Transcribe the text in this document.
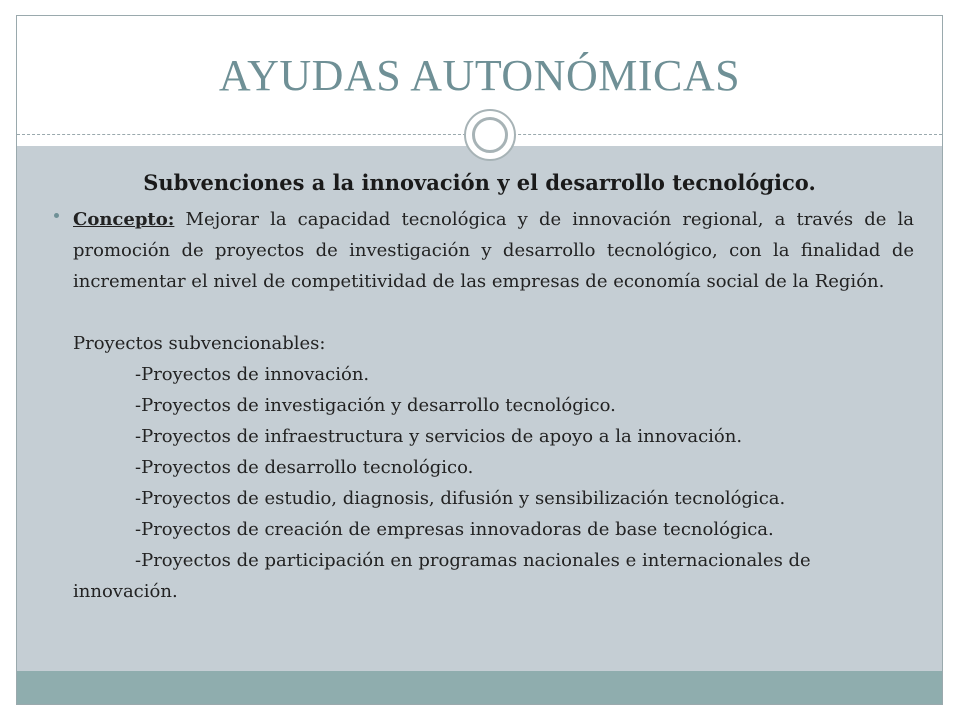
AYUDAS AUTONÓMICAS
Subvenciones a la innovación y el desarrollo tecnológico.

Concepto: Mejorar la capacidad tecnológica y de innovación regional, a través de la promoción de proyectos de investigación y desarrollo tecnológico, con la finalidad de incrementar el nivel de competitividad de las empresas de economía social de la Región.

Proyectos subvencionables:

-Proyectos de innovación.
-Proyectos de investigación y desarrollo tecnológico.
-Proyectos de infraestructura y servicios de apoyo a la innovación.
-Proyectos de desarrollo tecnológico.
-Proyectos de estudio, diagnosis, difusión y sensibilización tecnológica.
-Proyectos de creación de empresas innovadoras de base tecnológica.
-Proyectos de participación en programas nacionales e internacionales de innovación.
